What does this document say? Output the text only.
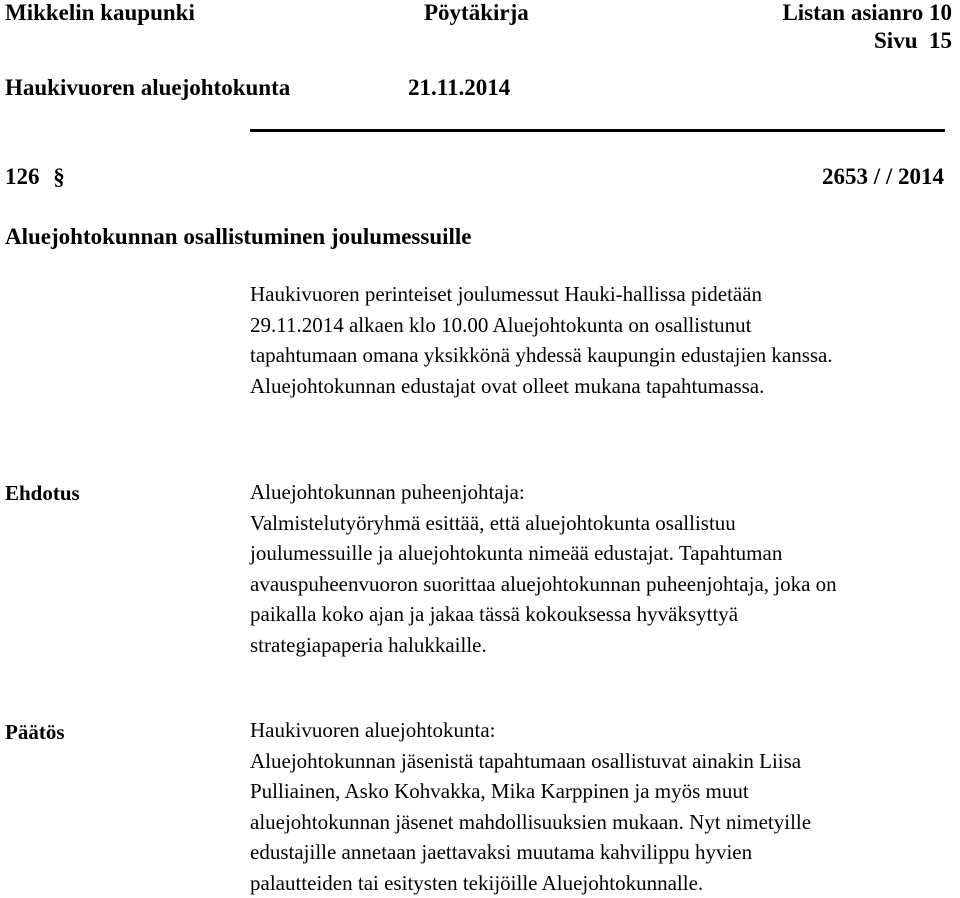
Mikkelin kaupunki	Pöytäkirja	Listan asianro 10
Sivu  15
Haukivuoren aluejohtokunta	21.11.2014
126 §	2653 / / 2014
Aluejohtokunnan osallistuminen joulumessuille
Haukivuoren perinteiset joulumessut Hauki-hallissa pidetään
29.11.2014 alkaen klo 10.00 Aluejohtokunta on osallistunut
tapahtumaan omana yksikkönä yhdessä kaupungin edustajien kanssa.
Aluejohtokunnan edustajat ovat olleet mukana tapahtumassa.
Ehdotus	Aluejohtokunnan puheenjohtaja:
Valmistelutyöryhmä esittää, että aluejohtokunta osallistuu
joulumessuille ja aluejohtokunta nimeää edustajat. Tapahtuman
avauspuheenvuoron suorittaa aluejohtokunnan puheenjohtaja, joka on
paikalla koko ajan ja jakaa tässä kokouksessa hyväksyttyä
strategiapaperia halukkaille.
Päätös	Haukivuoren aluejohtokunta:
Aluejohtokunnan jäsenistä tapahtumaan osallistuvat ainakin Liisa
Pulliainen, Asko Kohvakka, Mika Karppinen ja myös muut
aluejohtokunnan jäsenet mahdollisuuksien mukaan. Nyt nimetyille
edustajille annetaan jaettavaksi muutama kahvilippu hyvien
palautteiden tai esitysten tekijöille Aluejohtokunnalle.
